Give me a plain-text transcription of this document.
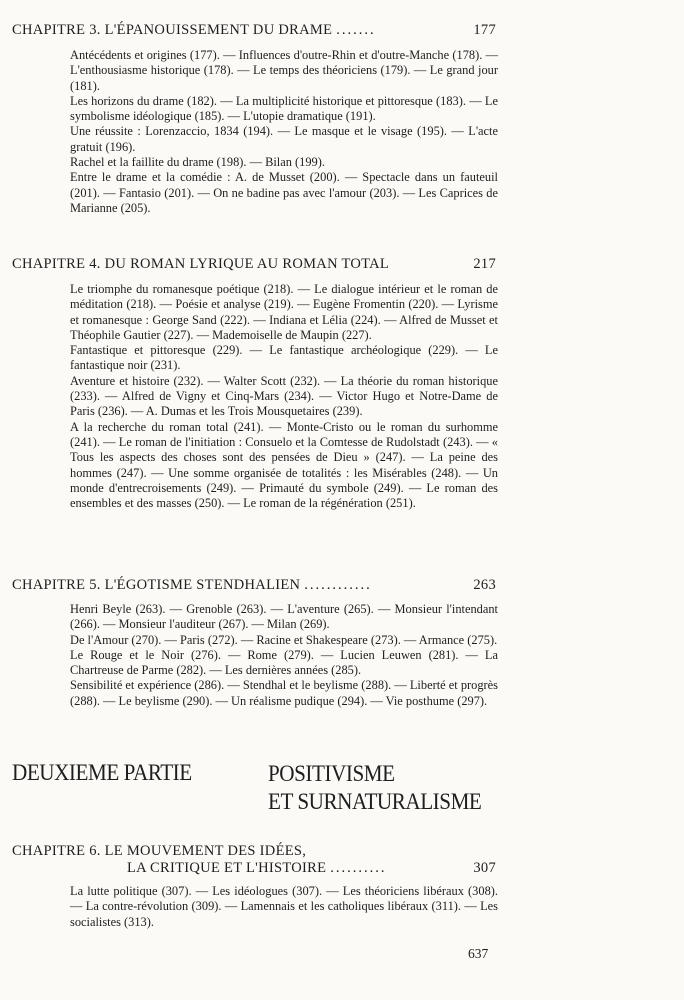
CHAPITRE 3. L'ÉPANOUISSEMENT DU DRAME .......	177

Antécédents et origines (177). — Influences d'outre-Rhin et d'outre-Manche (178). — L'enthousiasme historique (178). — Le temps des théoriciens (179). — Le grand jour (181).

Les horizons du drame (182). — La multiplicité historique et pittoresque (183). — Le symbolisme idéologique (185). — L'utopie dramatique (191).

Une réussite : Lorenzaccio, 1834 (194). — Le masque et le visage (195). — L'acte gratuit (196).

Rachel et la faillite du drame (198). — Bilan (199).

Entre le drame et la comédie : A. de Musset (200). — Spectacle dans un fauteuil (201). — Fantasio (201). — On ne badine pas avec l'amour (203). — Les Caprices de Marianne (205).

CHAPITRE 4. DU ROMAN LYRIQUE AU ROMAN TOTAL	217

Le triomphe du romanesque poétique (218). — Le dialogue intérieur et le roman de méditation (218). — Poésie et analyse (219). — Eugène Fromentin (220). — Lyrisme et romanesque : George Sand (222). — Indiana et Lélia (224). — Alfred de Musset et Théophile Gautier (227). — Mademoiselle de Maupin (227).

Fantastique et pittoresque (229). — Le fantastique archéologique (229). — Le fantastique noir (231).

Aventure et histoire (232). — Walter Scott (232). — La théorie du roman historique (233). — Alfred de Vigny et Cinq-Mars (234). — Victor Hugo et Notre-Dame de Paris (236). — A. Dumas et les Trois Mousquetaires (239).

A la recherche du roman total (241). — Monte-Cristo ou le roman du surhomme (241). — Le roman de l'initiation : Consuelo et la Comtesse de Rudolstadt (243). — « Tous les aspects des choses sont des pensées de Dieu » (247). — La peine des hommes (247). — Une somme organisée de totalités : les Misérables (248). — Un monde d'entrecroisements (249). — Primauté du symbole (249). — Le roman des ensembles et des masses (250). — Le roman de la régénération (251).

CHAPITRE 5. L'ÉGOTISME STENDHALIEN ............	263

Henri Beyle (263). — Grenoble (263). — L'aventure (265). — Monsieur l'intendant (266). — Monsieur l'auditeur (267). — Milan (269).

De l'Amour (270). — Paris (272). — Racine et Shakespeare (273). — Armance (275).

Le Rouge et le Noir (276). — Rome (279). — Lucien Leuwen (281). — La Chartreuse de Parme (282). — Les dernières années (285).

Sensibilité et expérience (286). — Stendhal et le beylisme (288). — Liberté et progrès (288). — Le beylisme (290). — Un réalisme pudique (294). — Vie posthume (297).

DEUXIEME PARTIE	POSITIVISME
ET SURNATURALISME
CHAPITRE 6. LE MOUVEMENT DES IDÉES,
LA CRITIQUE ET L'HISTOIRE ..........	307

La lutte politique (307). — Les idéologues (307). — Les théoriciens libéraux (308). — La contre-révolution (309). — Lamennais et les catholiques libéraux (311). — Les socialistes (313).

637
